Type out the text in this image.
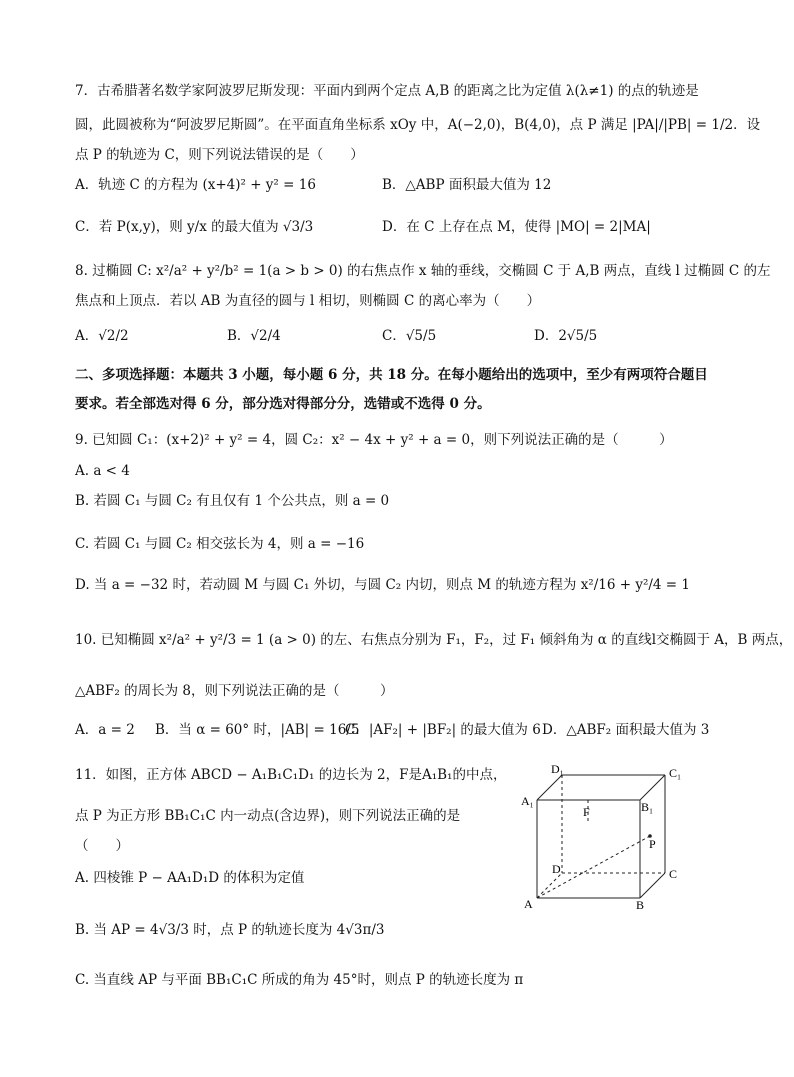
7．古希腊著名数学家阿波罗尼斯发现：平面内到两个定点 A,B 的距离之比为定值 λ(λ≠1) 的点的轨迹是
圆，此圆被称为“阿波罗尼斯圆”。在平面直角坐标系 xOy 中，A(−2,0)，B(4,0)，点 P 满足 |PA|/|PB| = 1/2．设
点 P 的轨迹为 C，则下列说法错误的是（　　）
A．轨迹 C 的方程为 (x+4)² + y² = 16	B．△ABP 面积最大值为 12
C．若 P(x,y)，则 y/x 的最大值为 √3/3	D．在 C 上存在点 M，使得 |MO| = 2|MA|
8. 过椭圆 C: x²/a² + y²/b² = 1(a > b > 0) 的右焦点作 x 轴的垂线，交椭圆 C 于 A,B 两点，直线 l 过椭圆 C 的左
焦点和上顶点．若以 AB 为直径的圆与 l 相切，则椭圆 C 的离心率为（　　）
A．√2/2	B．√2/4	C．√5/5	D．2√5/5
二、多项选择题：本题共 3 小题，每小题 6 分，共 18 分。在每小题给出的选项中，至少有两项符合题目
要求。若全部选对得 6 分，部分选对得部分分，选错或不选得 0 分。
9. 已知圆 C₁：(x+2)² + y² = 4，圆 C₂：x² − 4x + y² + a = 0，则下列说法正确的是（　　　）
A. a < 4
B. 若圆 C₁ 与圆 C₂ 有且仅有 1 个公共点，则 a = 0
C. 若圆 C₁ 与圆 C₂ 相交弦长为 4，则 a = −16
D. 当 a = −32 时，若动圆 M 与圆 C₁ 外切，与圆 C₂ 内切，则点 M 的轨迹方程为 x²/16 + y²/4 = 1
10. 已知椭圆 x²/a² + y²/3 = 1 (a > 0) 的左、右焦点分别为 F₁，F₂，过 F₁ 倾斜角为 α 的直线l交椭圆于 A，B 两点，
△ABF₂ 的周长为 8，则下列说法正确的是（　　　）
A．a = 2 B．当 α = 60° 时，|AB| = 16/5
C．|AF₂| + |BF₂| 的最大值为 6 D．△ABF₂ 面积最大值为 3
11．如图，正方体 ABCD − A₁B₁C₁D₁ 的边长为 2，F是A₁B₁的中点，
点 P 为正方形 BB₁C₁C 内一动点(含边界)，则下列说法正确的是
（　　）
A. 四棱锥 P − AA₁D₁D 的体积为定值
B. 当 AP = 4√3/3 时，点 P 的轨迹长度为 4√3π/3
C. 当直线 AP 与平面 BB₁C₁C 所成的角为 45°时，则点 P 的轨迹长度为 π
D₁	C₁
A₁	B₁
F
P
D	C
A	B
